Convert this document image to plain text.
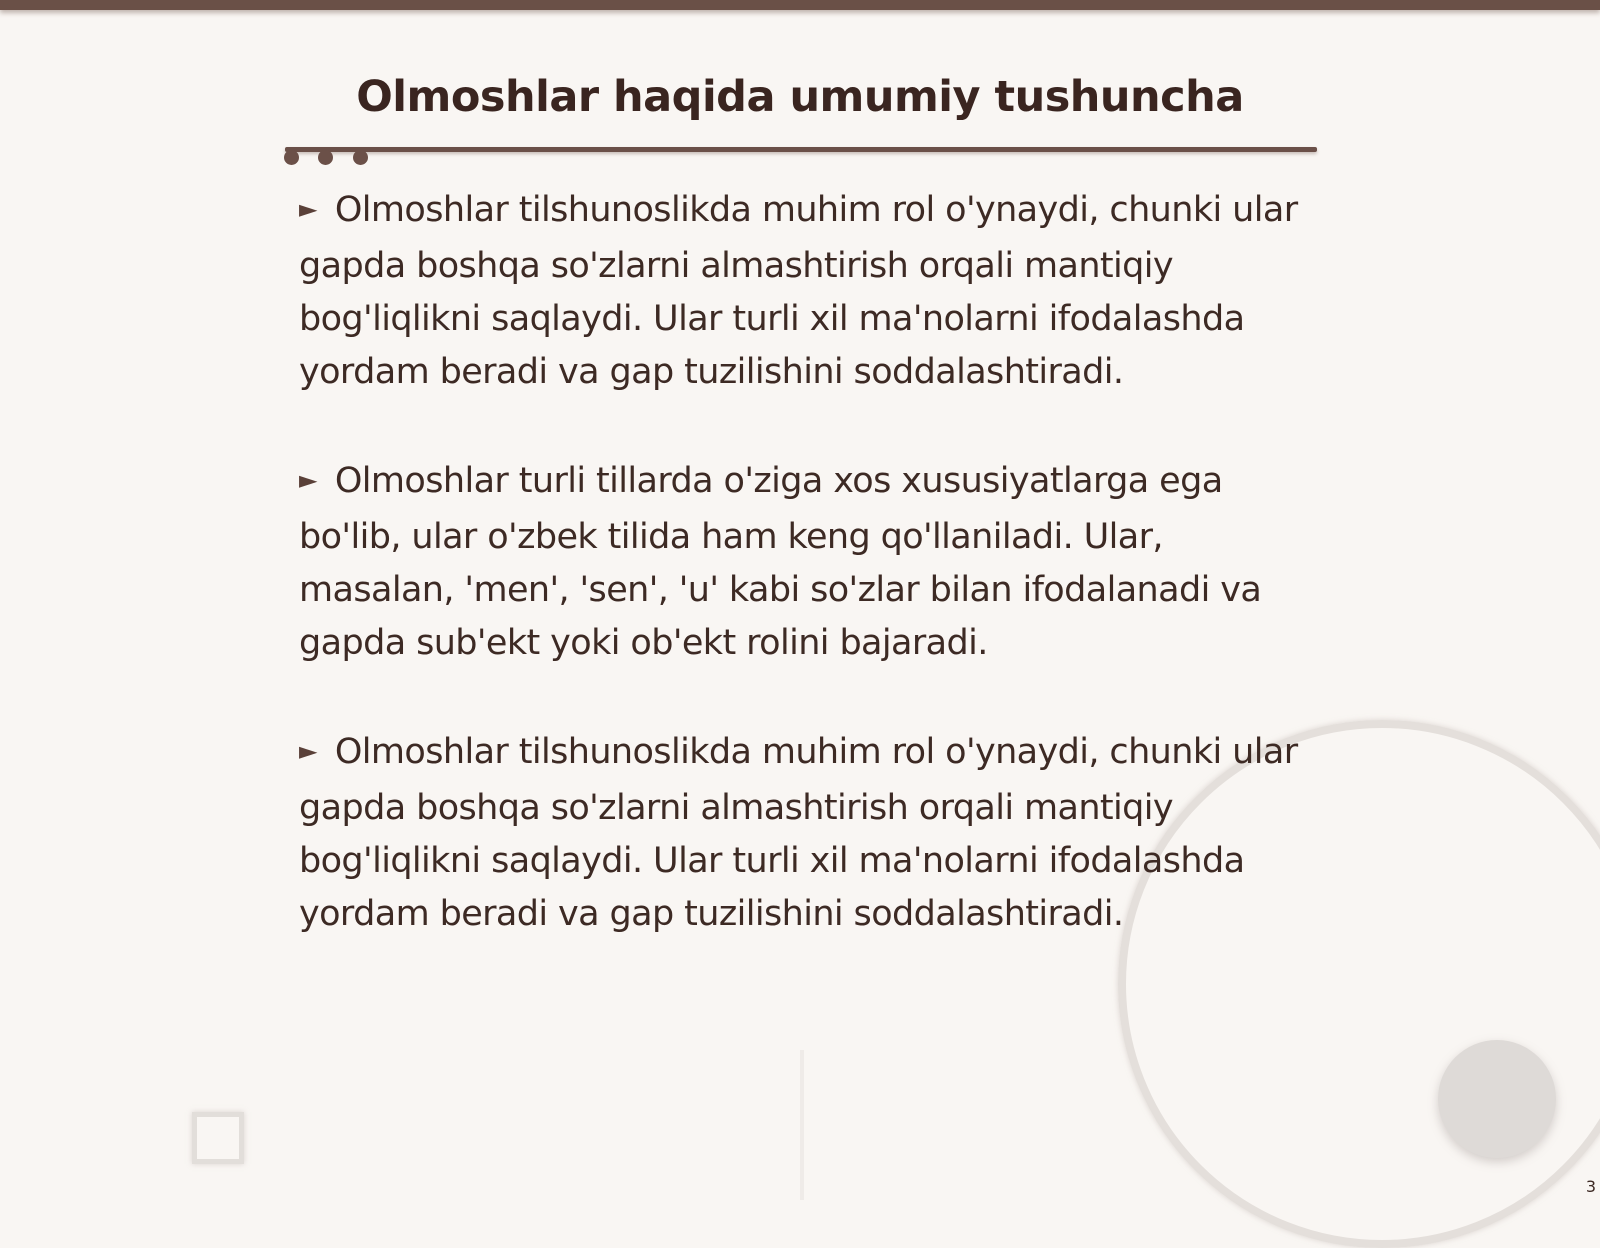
Olmoshlar haqida umumiy tushuncha

► Olmoshlar tilshunoslikda muhim rol o'ynaydi, chunki ular gapda boshqa so'zlarni almashtirish orqali mantiqiy bog'liqlikni saqlaydi. Ular turli xil ma'nolarni ifodalashda yordam beradi va gap tuzilishini soddalashtiradi.

► Olmoshlar turli tillarda o'ziga xos xususiyatlarga ega bo'lib, ular o'zbek tilida ham keng qo'llaniladi. Ular, masalan, 'men', 'sen', 'u' kabi so'zlar bilan ifodalanadi va gapda sub'ekt yoki ob'ekt rolini bajaradi.

► Olmoshlar tilshunoslikda muhim rol o'ynaydi, chunki ular gapda boshqa so'zlarni almashtirish orqali mantiqiy bog'liqlikni saqlaydi. Ular turli xil ma'nolarni ifodalashda yordam beradi va gap tuzilishini soddalashtiradi.

3
